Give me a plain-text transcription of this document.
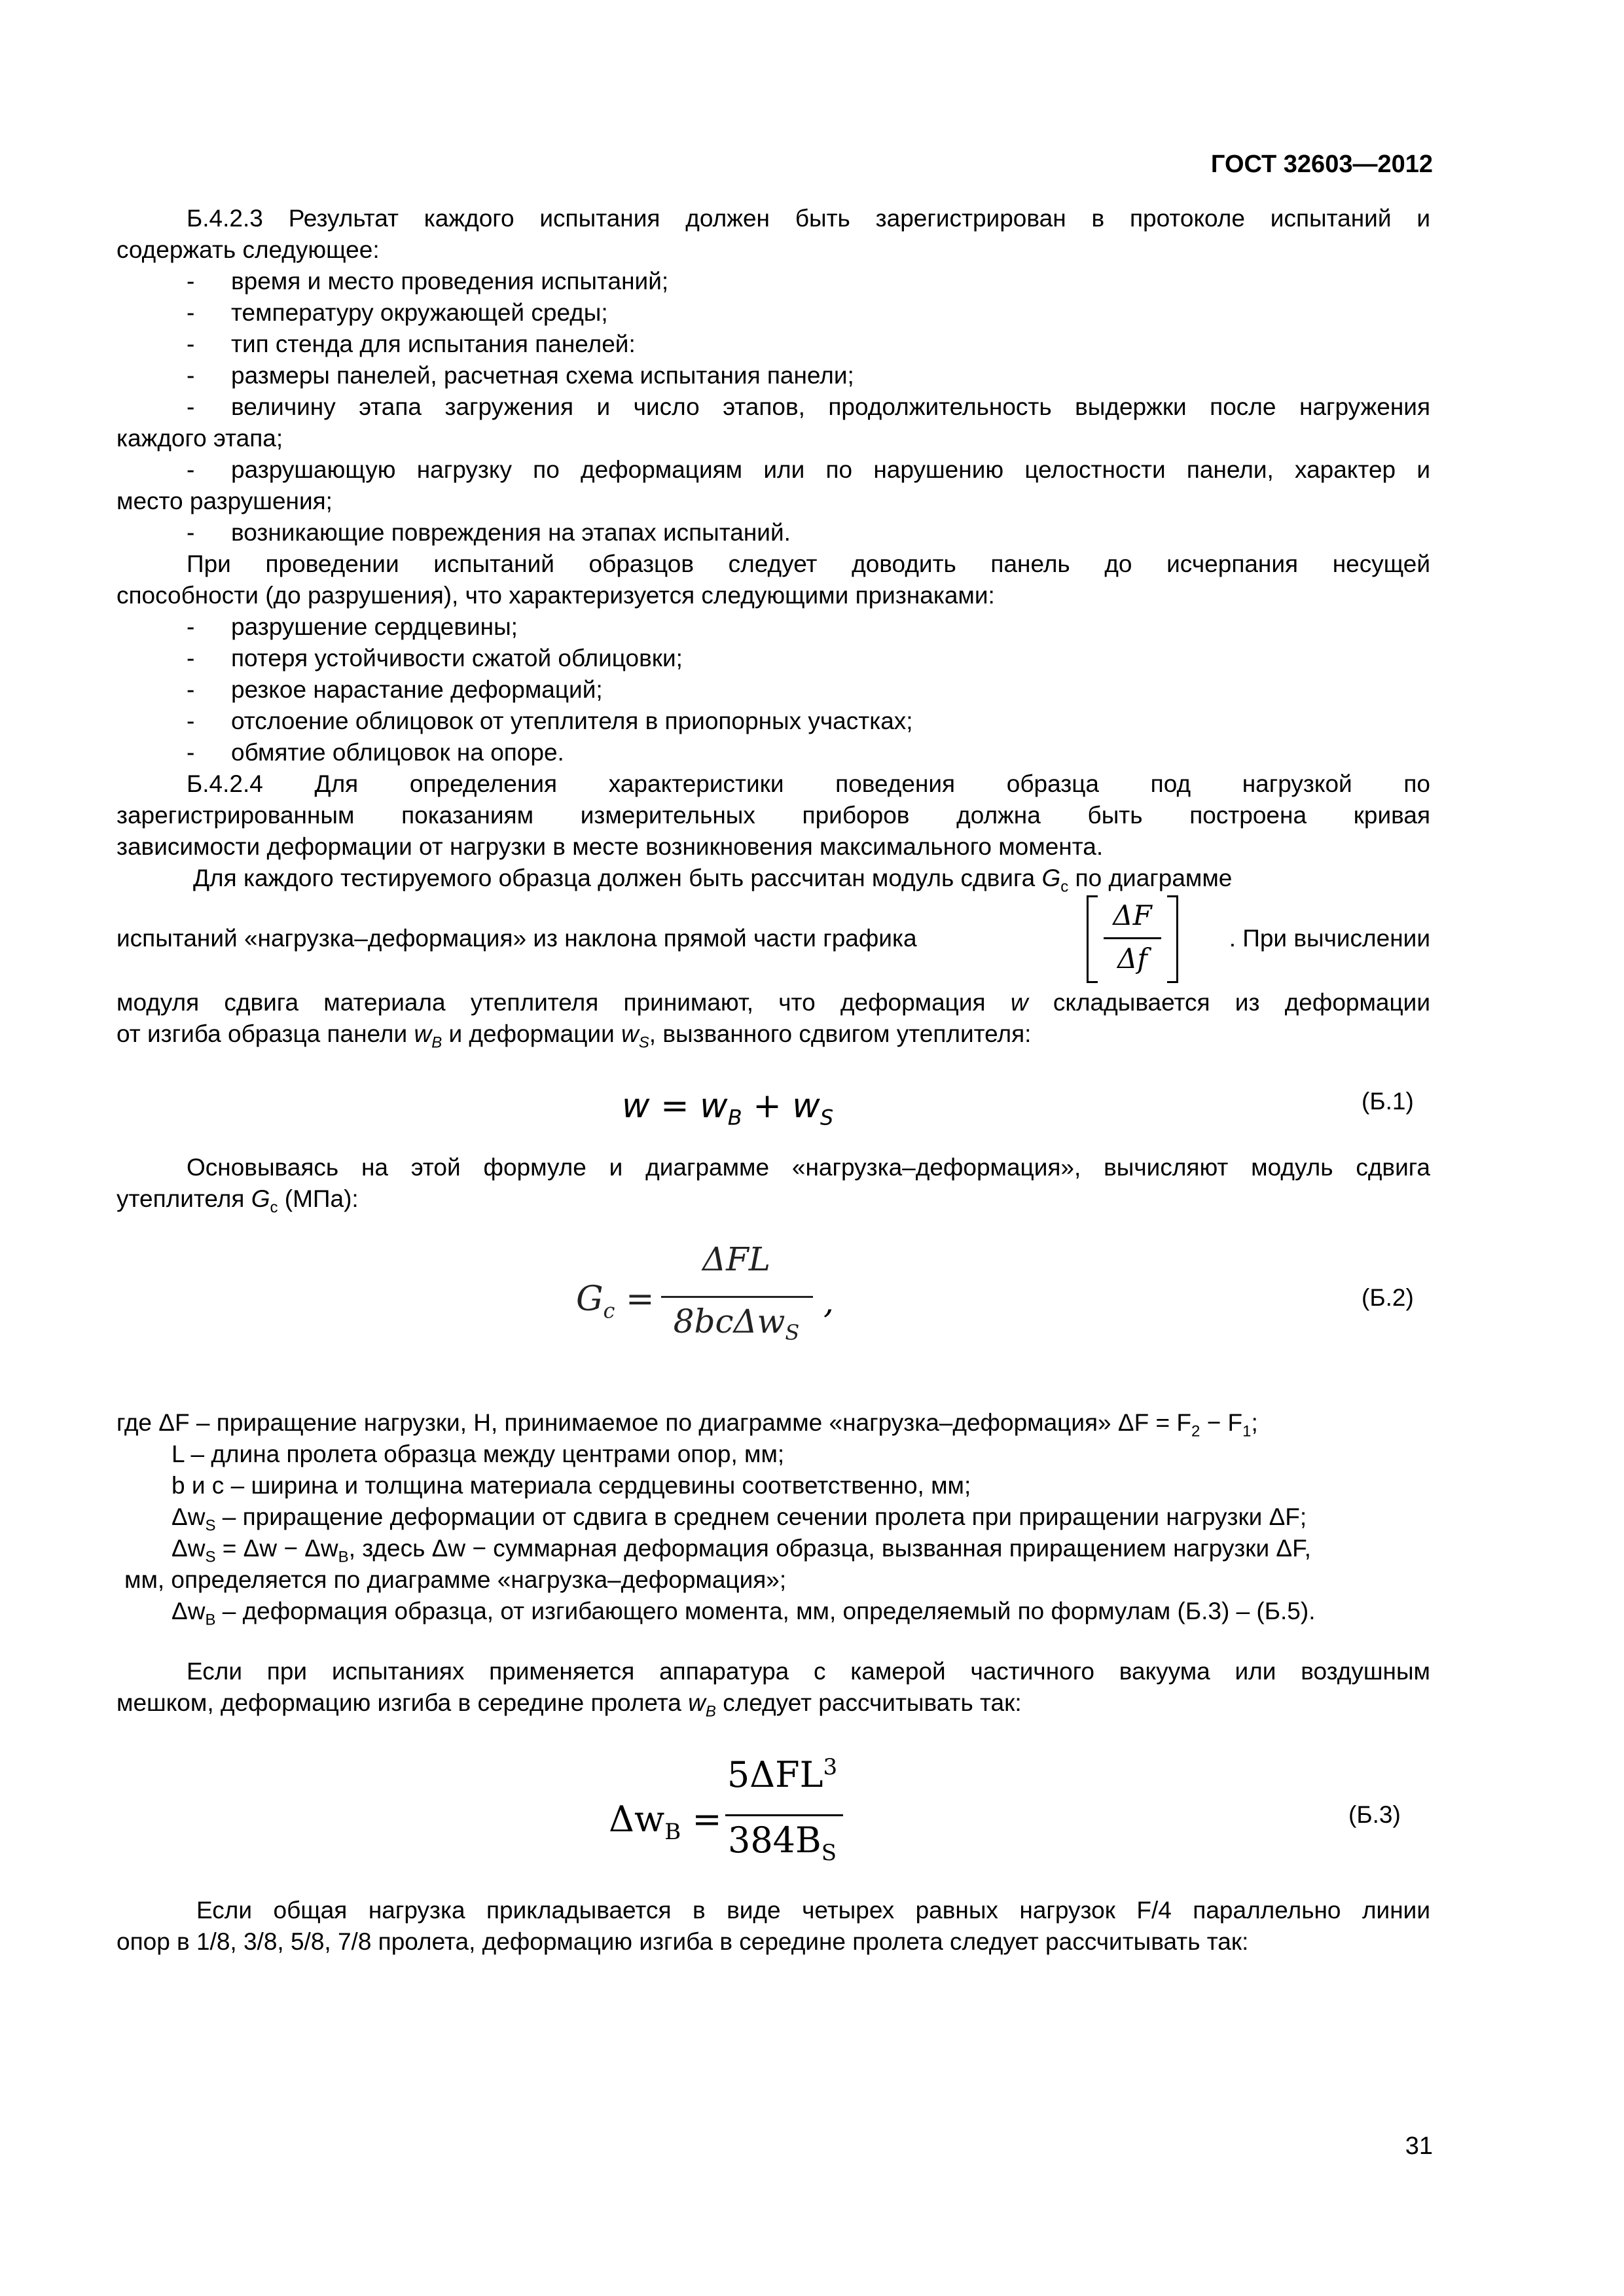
ГОСТ 32603—2012
Б.4.2.3 Результат каждого испытания должен быть зарегистрирован в протоколе испытаний и
содержать следующее:
- время и место проведения испытаний;
- температуру окружающей среды;
- тип стенда для испытания панелей:
- размеры панелей, расчетная схема испытания панели;
- величину этапа загружения и число этапов, продолжительность выдержки после нагружения
каждого этапа;
- разрушающую нагрузку по деформациям или по нарушению целостности панели, характер и
место разрушения;
- возникающие повреждения на этапах испытаний.
При проведении испытаний образцов следует доводить панель до исчерпания несущей
способности (до разрушения), что характеризуется следующими признаками:
- разрушение сердцевины;
- потеря устойчивости сжатой облицовки;
- резкое нарастание деформаций;
- отслоение облицовок от утеплителя в приопорных участках;
- обмятие облицовок на опоре.
Б.4.2.4 Для определения характеристики поведения образца под нагрузкой по
зарегистрированным показаниям измерительных приборов должна быть построена кривая
зависимости деформации от нагрузки в месте возникновения максимального момента.
Для каждого тестируемого образца должен быть рассчитан модуль сдвига $G_c$ по диаграмме
испытаний «нагрузка–деформация» из наклона прямой части графика
ΔF
Δf
. При вычислении
модуля сдвига материала утеплителя принимают, что деформация w складывается из деформации
от изгиба образца панели $w_B$ и деформации $w_S$, вызванного сдвигом утеплителя:
$w = w_B + w_S$
(Б.1)
Основываясь на этой формуле и диаграмме «нагрузка–деформация», вычисляют модуль сдвига
утеплителя $G_c$ (МПа):
$G_c$ =
ΔFL
8bcΔw$_S$
,	(Б.2)
где ΔF – приращение нагрузки, Н, принимаемое по диаграмме «нагрузка–деформация» $\Delta F = F_2 - F_1$;
L – длина пролета образца между центрами опор, мм;
b и c – ширина и толщина материала сердцевины соответственно, мм;
$\Delta w_S$ – приращение деформации от сдвига в среднем сечении пролета при приращении нагрузки ΔF;
$\Delta w_S = \Delta w - \Delta w_B$, здесь Δw − суммарная деформация образца, вызванная приращением нагрузки ΔF,
мм, определяется по диаграмме «нагрузка–деформация»;
$\Delta w_B$ – деформация образца, от изгибающего момента, мм, определяемый по формулам (Б.3) – (Б.5).
Если при испытаниях применяется аппаратура с камерой частичного вакуума или воздушным
мешком, деформацию изгиба в середине пролета $w_B$ следует рассчитывать так:
$\Delta w_B$ =
$5\Delta FL^3$
$384B_S$
(Б.3)
Если общая нагрузка прикладывается в виде четырех равных нагрузок F/4 параллельно линии
опор в 1/8, 3/8, 5/8, 7/8 пролета, деформацию изгиба в середине пролета следует рассчитывать так:
31
